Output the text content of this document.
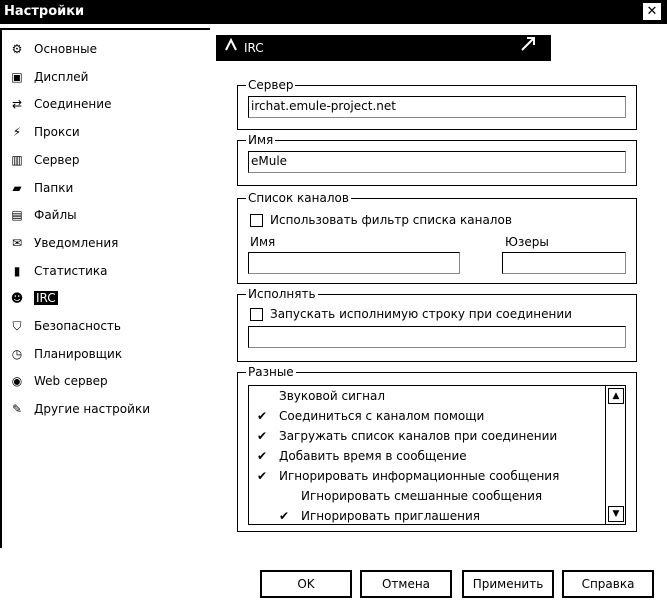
Настройки	✕
⚙ Основные
▣ Дисплей
⇄ Соединение
⚡	Прокси
▥ Сервер
▰	Папки
▤ Файлы
✉ Уведомления
▮	Статистика
☻ IRC
⛉	Безопасность
◷ Планировщик
◉ Web сервер
✎ Другие настройки
IRC
Сервер
irchat.emule-project.net
Имя
eMule
Список каналов
Использовать фильтр списка каналов
Имя	Юзеры
Исполнять
Запускать исполнимую строку при соединении
Разные
▲
▼
Звуковой сигнал
✔ Соединиться с каналом помощи
✔ Загружать список каналов при соединении
✔ Добавить время в сообщение
✔ Игнорировать информационные сообщения
Игнорировать смешанные сообщения
✔ Игнорировать приглашения
OK	Отмена	Применить	Справка
